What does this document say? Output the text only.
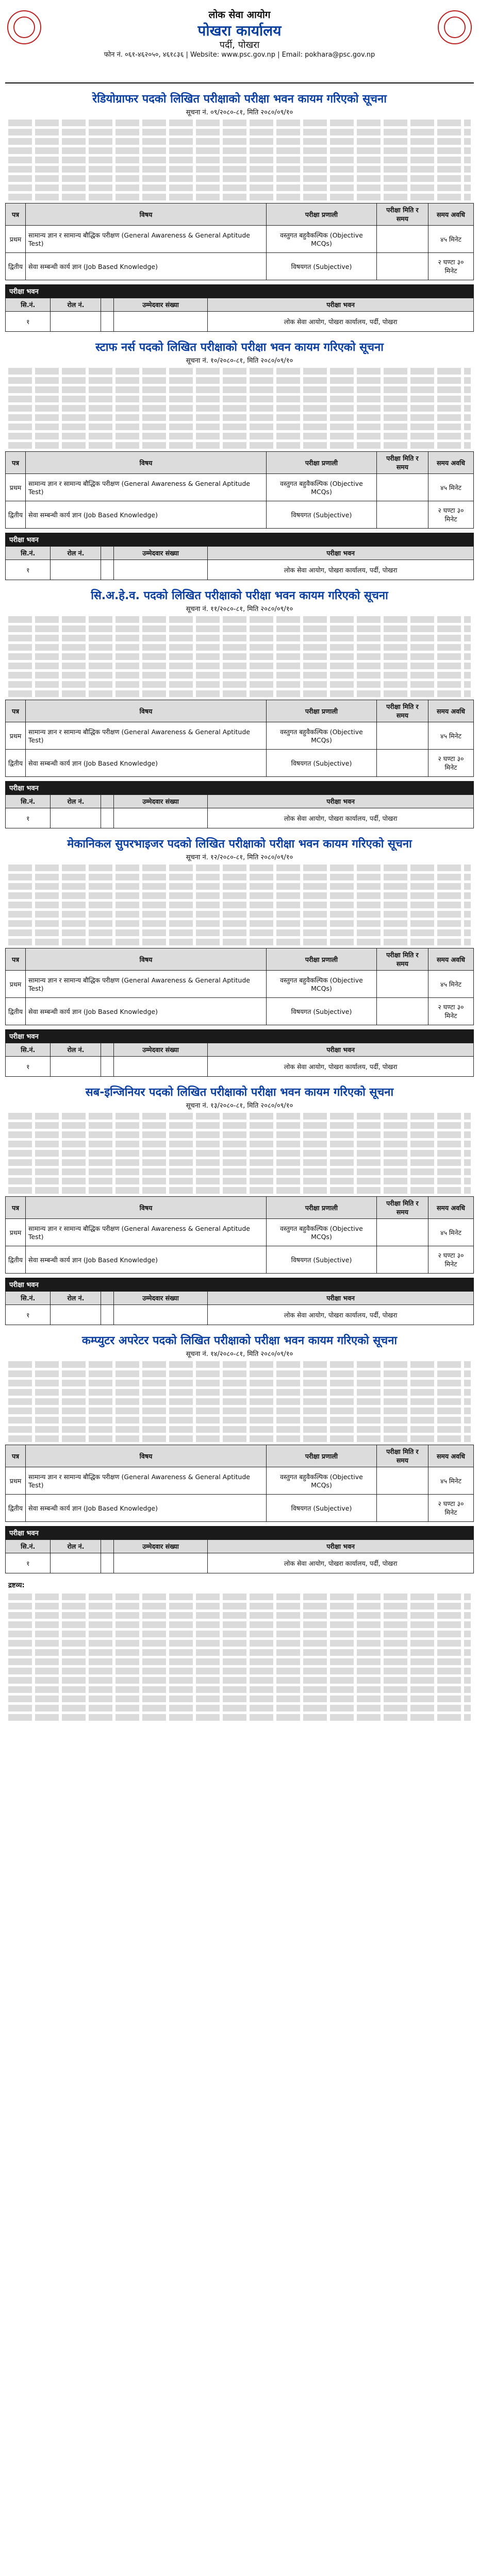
लोक सेवा आयोग
पोखरा कार्यालय
पर्दी, पोखरा
फोन नं. ०६१-४६२०५०, ४६१८३६ | Website: www.psc.gov.np | Email: pokhara@psc.gov.np
रेडियोग्राफर पदको लिखित परीक्षाको परीक्षा भवन कायम गरिएको सूचना
सूचना नं. ०९/२०८०-८१, मिति २०८०/०९/१०
पत्र	विषय	परीक्षा प्रणाली	परीक्षा मिति र समय	समय अवधि
प्रथम	सामान्य ज्ञान र सामान्य बौद्धिक परीक्षण (General Awareness & General Aptitude Test)	वस्तुगत बहुवैकल्पिक (Objective MCQs)		४५ मिनेट
द्वितीय	सेवा सम्बन्धी कार्य ज्ञान (Job Based Knowledge)	विषयगत (Subjective)		२ घण्टा ३० मिनेट
परीक्षा भवन
सि.नं.	रोल नं.		उम्मेदवार संख्या	परीक्षा भवन
१				लोक सेवा आयोग, पोखरा कार्यालय, पर्दी, पोखरा
स्टाफ नर्स पदको लिखित परीक्षाको परीक्षा भवन कायम गरिएको सूचना
सूचना नं. १०/२०८०-८१, मिति २०८०/०९/१०
पत्र	विषय	परीक्षा प्रणाली	परीक्षा मिति र समय	समय अवधि
प्रथम	सामान्य ज्ञान र सामान्य बौद्धिक परीक्षण (General Awareness & General Aptitude Test)	वस्तुगत बहुवैकल्पिक (Objective MCQs)		४५ मिनेट
द्वितीय	सेवा सम्बन्धी कार्य ज्ञान (Job Based Knowledge)	विषयगत (Subjective)		२ घण्टा ३० मिनेट
परीक्षा भवन
सि.नं.	रोल नं.		उम्मेदवार संख्या	परीक्षा भवन
१				लोक सेवा आयोग, पोखरा कार्यालय, पर्दी, पोखरा
सि.अ.हे.व. पदको लिखित परीक्षाको परीक्षा भवन कायम गरिएको सूचना
सूचना नं. ११/२०८०-८१, मिति २०८०/०९/१०
पत्र	विषय	परीक्षा प्रणाली	परीक्षा मिति र समय	समय अवधि
प्रथम	सामान्य ज्ञान र सामान्य बौद्धिक परीक्षण (General Awareness & General Aptitude Test)	वस्तुगत बहुवैकल्पिक (Objective MCQs)		४५ मिनेट
द्वितीय	सेवा सम्बन्धी कार्य ज्ञान (Job Based Knowledge)	विषयगत (Subjective)		२ घण्टा ३० मिनेट
परीक्षा भवन
सि.नं.	रोल नं.		उम्मेदवार संख्या	परीक्षा भवन
१				लोक सेवा आयोग, पोखरा कार्यालय, पर्दी, पोखरा
मेकानिकल सुपरभाइजर पदको लिखित परीक्षाको परीक्षा भवन कायम गरिएको सूचना
सूचना नं. १२/२०८०-८१, मिति २०८०/०९/१०
पत्र	विषय	परीक्षा प्रणाली	परीक्षा मिति र समय	समय अवधि
प्रथम	सामान्य ज्ञान र सामान्य बौद्धिक परीक्षण (General Awareness & General Aptitude Test)	वस्तुगत बहुवैकल्पिक (Objective MCQs)		४५ मिनेट
द्वितीय	सेवा सम्बन्धी कार्य ज्ञान (Job Based Knowledge)	विषयगत (Subjective)		२ घण्टा ३० मिनेट
परीक्षा भवन
सि.नं.	रोल नं.		उम्मेदवार संख्या	परीक्षा भवन
१				लोक सेवा आयोग, पोखरा कार्यालय, पर्दी, पोखरा
सब-इन्जिनियर पदको लिखित परीक्षाको परीक्षा भवन कायम गरिएको सूचना
सूचना नं. १३/२०८०-८१, मिति २०८०/०९/१०
पत्र	विषय	परीक्षा प्रणाली	परीक्षा मिति र समय	समय अवधि
प्रथम	सामान्य ज्ञान र सामान्य बौद्धिक परीक्षण (General Awareness & General Aptitude Test)	वस्तुगत बहुवैकल्पिक (Objective MCQs)		४५ मिनेट
द्वितीय	सेवा सम्बन्धी कार्य ज्ञान (Job Based Knowledge)	विषयगत (Subjective)		२ घण्टा ३० मिनेट
परीक्षा भवन
सि.नं.	रोल नं.		उम्मेदवार संख्या	परीक्षा भवन
१				लोक सेवा आयोग, पोखरा कार्यालय, पर्दी, पोखरा
कम्प्युटर अपरेटर पदको लिखित परीक्षाको परीक्षा भवन कायम गरिएको सूचना
सूचना नं. १४/२०८०-८१, मिति २०८०/०९/१०
पत्र	विषय	परीक्षा प्रणाली	परीक्षा मिति र समय	समय अवधि
प्रथम	सामान्य ज्ञान र सामान्य बौद्धिक परीक्षण (General Awareness & General Aptitude Test)	वस्तुगत बहुवैकल्पिक (Objective MCQs)		४५ मिनेट
द्वितीय	सेवा सम्बन्धी कार्य ज्ञान (Job Based Knowledge)	विषयगत (Subjective)		२ घण्टा ३० मिनेट
परीक्षा भवन
सि.नं.	रोल नं.		उम्मेदवार संख्या	परीक्षा भवन
१				लोक सेवा आयोग, पोखरा कार्यालय, पर्दी, पोखरा
द्रष्टव्य:
